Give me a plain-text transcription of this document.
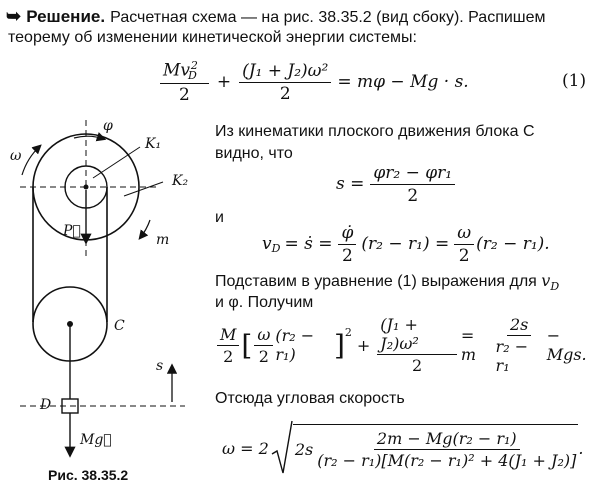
➥ Решение. Расчетная схема — на рис. 38.35.2 (вид сбоку). Распишем
теорему об изменении кинетической энергии системы:
$\frac{Mv_D^2}{2} + \frac{\text{(J₁ + J₂)ω²}}{2} = m\varphi - Mg \cdot s$.	(1)
φ
ω
K₁
K₂
P⃗
m
C
s
D
Mg⃗
Рис. 38.35.2
Из кинематики плоского движения блока C
видно, что
$s = \frac{\text{φr₂ − φr₁}}{2}$
и
$v_D$ = ṡ = $\frac{\varphi̇}{2} (r_2 - r_1) = \frac{\omega}{2} (r_2 - r_1)$.
Подставим в уравнение (1) выражения для $v_D$
и φ. Получим
$\frac{M}{2}$ [ $\frac{\omega}{2} (r_2 - r_1)$	]$^2$
+ $\frac{\text{(J₁ + J₂)ω²}}{2} = m$	$\frac{2s}{\text{r₂ − r₁}}$ − Mgs.
Отсюда угловая скорость
ω = 2 $2s \frac{\text{2m − Mg(r₂ − r₁)}}{\text{(r₂ − r₁)[M(r₂ − r₁)² + 4(J₁ + J₂)]}}$ .
